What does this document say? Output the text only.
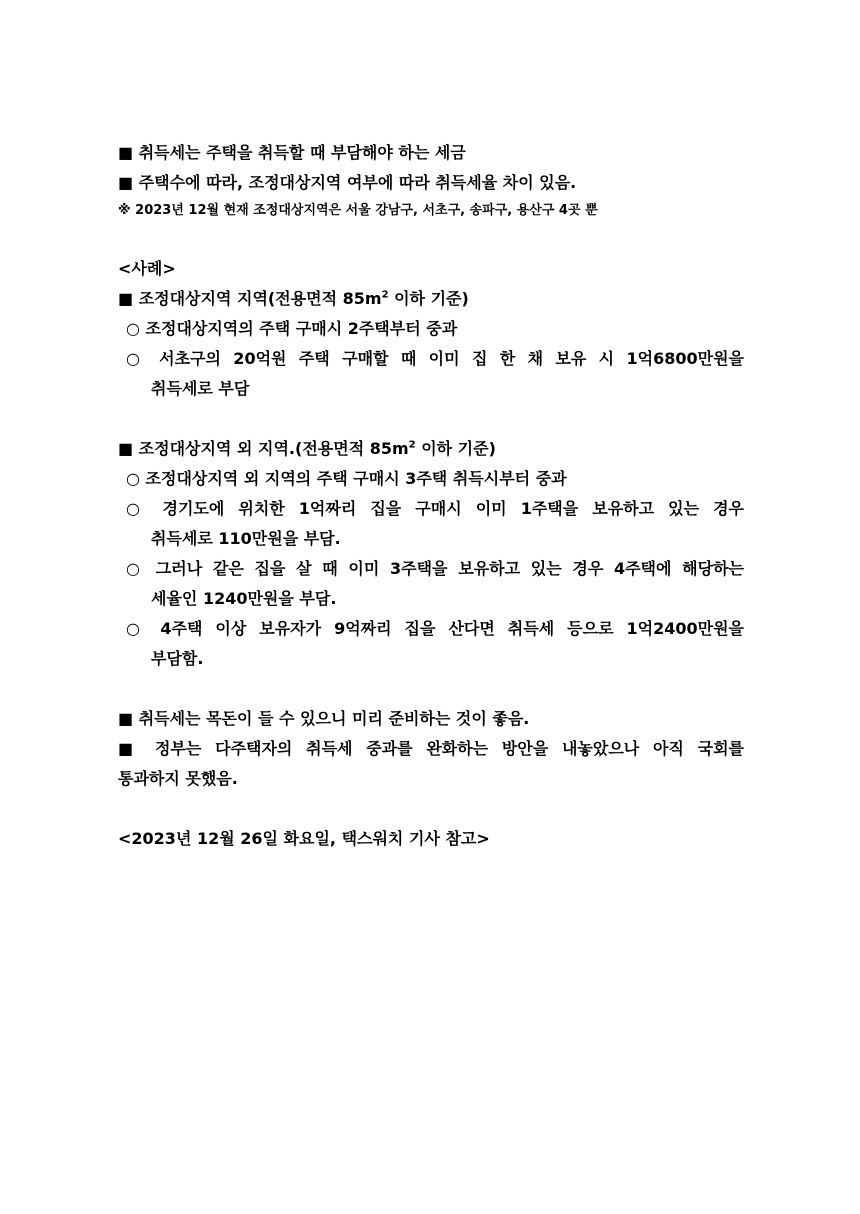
■ 취득세는 주택을 취득할 때 부담해야 하는 세금
■ 주택수에 따라, 조정대상지역 여부에 따라 취득세율 차이 있음.
※ 2023년 12월 현재 조정대상지역은 서울 강남구, 서초구, 송파구, 용산구 4곳 뿐
<사례>
■ 조정대상지역 지역(전용면적 $85m^2$ 이하 기준)
○ 조정대상지역의 주택 구매시 2주택부터 중과
○ 서초구의 20억원 주택 구매할 때 이미 집 한 채 보유 시 1억6800만원을
취득세로 부담
■ 조정대상지역 외 지역.(전용면적 $85m^2$ 이하 기준)
○ 조정대상지역 외 지역의 주택 구매시 3주택 취득시부터 중과
○ 경기도에 위치한 1억짜리 집을 구매시 이미 1주택을 보유하고 있는 경우
취득세로 110만원을 부담.
○ 그러나 같은 집을 살 때 이미 3주택을 보유하고 있는 경우 4주택에 해당하는
세율인 1240만원을 부담.
○ 4주택 이상 보유자가 9억짜리 집을 산다면 취득세 등으로 1억2400만원을
부담함.
■ 취득세는 목돈이 들 수 있으니 미리 준비하는 것이 좋음.
■ 정부는 다주택자의 취득세 중과를 완화하는 방안을 내놓았으나 아직 국회를
통과하지 못했음.
<2023년 12월 26일 화요일, 택스워치 기사 참고>
